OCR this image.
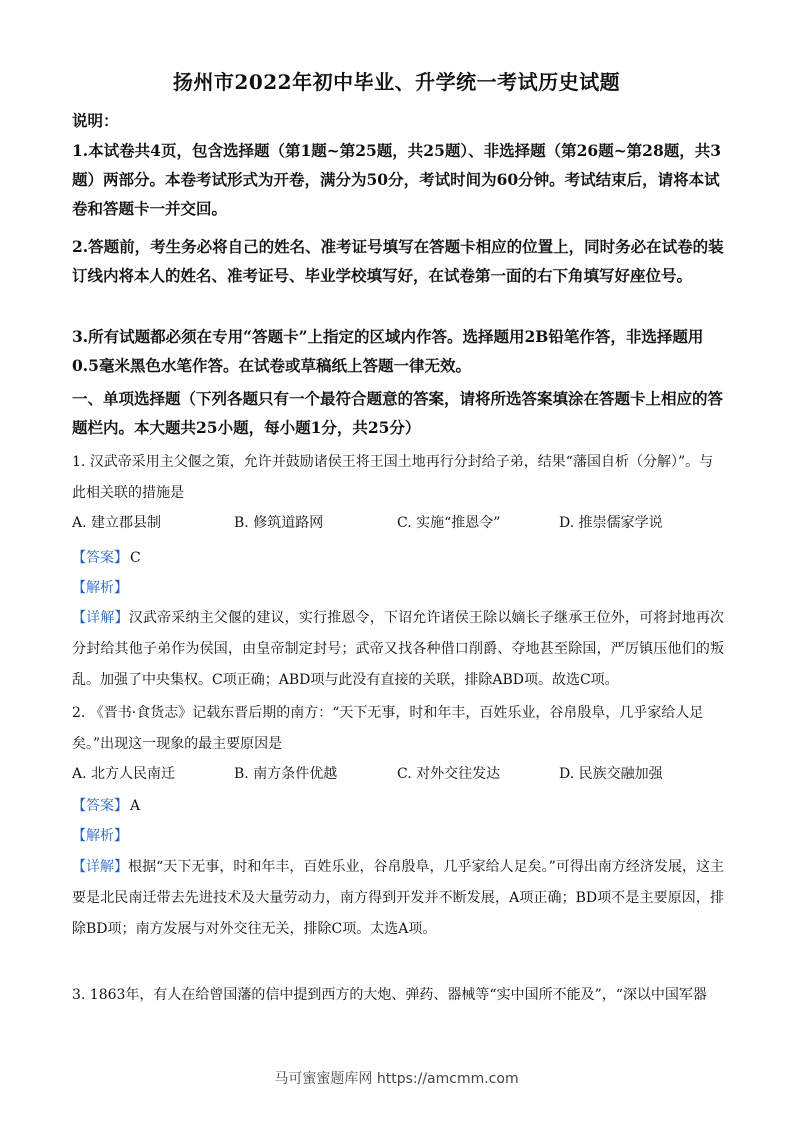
扬州市2022年初中毕业、升学统一考试历史试题

说明：

1.本试卷共4页，包含选择题（第1题~第25题，共25题）、非选择题（第26题~第28题，共3题）两部分。本卷考试形式为开卷，满分为50分，考试时间为60分钟。考试结束后，请将本试卷和答题卡一并交回。

2.答题前，考生务必将自己的姓名、准考证号填写在答题卡相应的位置上，同时务必在试卷的装订线内将本人的姓名、准考证号、毕业学校填写好，在试卷第一面的右下角填写好座位号。

3.所有试题都必须在专用“答题卡”上指定的区域内作答。选择题用2B铅笔作答，非选择题用0.5毫米黑色水笔作答。在试卷或草稿纸上答题一律无效。

一、单项选择题（下列各题只有一个最符合题意的答案，请将所选答案填涂在答题卡上相应的答题栏内。本大题共25小题，每小题1分，共25分）

1. 汉武帝采用主父偃之策，允许并鼓励诸侯王将王国土地再行分封给子弟，结果“藩国自析（分解）”。与此相关联的措施是

A. 建立郡县制	B. 修筑道路网	C. 实施“推恩令”	D. 推崇儒家学说
【答案】 C
【解析】

【详解】汉武帝采纳主父偃的建议，实行推恩令，下诏允许诸侯王除以嫡长子继承王位外，可将封地再次分封给其他子弟作为侯国，由皇帝制定封号；武帝又找各种借口削爵、夺地甚至除国，严厉镇压他们的叛乱。加强了中央集权。C项正确；ABD项与此没有直接的关联，排除ABD项。故选C项。

2. 《晋书·食货志》记载东晋后期的南方：“天下无事，时和年丰，百姓乐业，谷帛殷阜，几乎家给人足矣。”出现这一现象的最主要原因是

A. 北方人民南迁	B. 南方条件优越	C. 对外交往发达	D. 民族交融加强
【答案】 A
【解析】

【详解】根据“天下无事，时和年丰，百姓乐业，谷帛殷阜，几乎家给人足矣。”可得出南方经济发展，这主要是北民南迁带去先进技术及大量劳动力，南方得到开发并不断发展，A项正确；BD项不是主要原因，排除BD项；南方发展与对外交往无关，排除C项。太选A项。

3. 1863年，有人在给曾国藩的信中提到西方的大炮、弹药、器械等“实中国所不能及”，“深以中国军器

马可蜜蜜题库网 https://amcmm.com
